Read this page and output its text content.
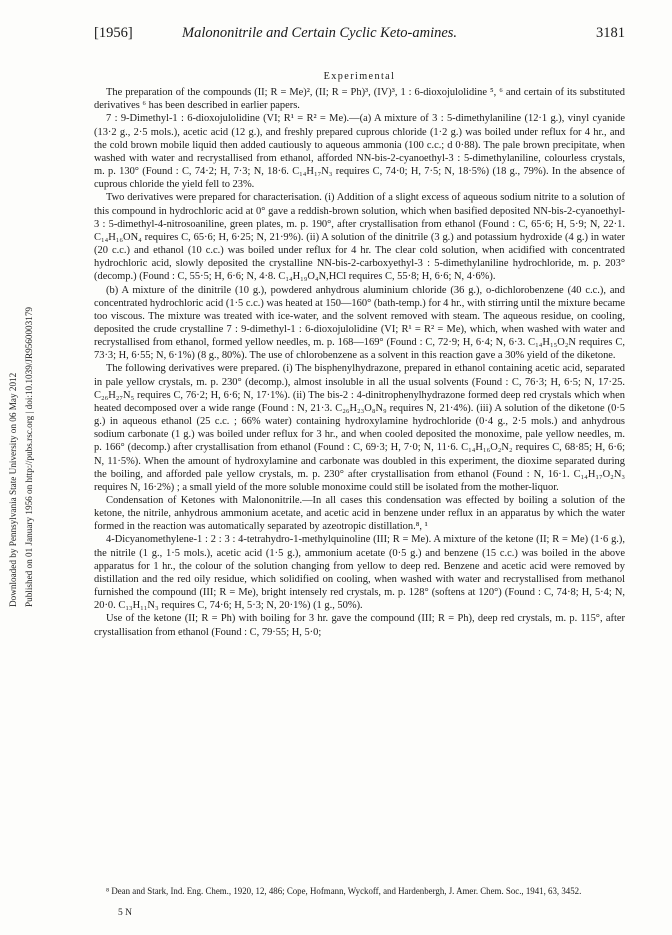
Downloaded by Pennsylvania State University on 06 May 2012 Published on 01 January 1956 on http://pubs.rsc.org | doi:10.1039/JR9560003179
[1956]	Malononitrile and Certain Cyclic Keto-amines.	3181

Experimental

The preparation of the compounds (II; R = Me)², (II; R = Ph)³, (IV)³, 1 : 6-dioxojulolidine ⁵, ⁶ and certain of its substituted derivatives ⁶ has been described in earlier papers.

7 : 9-Dimethyl-1 : 6-dioxojulolidine (VI; R¹ = R² = Me).—(a) A mixture of 3 : 5-dimethylaniline (12·1 g.), vinyl cyanide (13·2 g., 2·5 mols.), acetic acid (12 g.), and freshly prepared cuprous chloride (1·2 g.) was boiled under reflux for 4 hr., and the cold brown mobile liquid then added cautiously to aqueous ammonia (100 c.c.; d 0·88). The pale brown precipitate, when washed with water and recrystallised from ethanol, afforded NN-bis-2-cyanoethyl-3 : 5-dimethylaniline, colourless crystals, m. p. 130° (Found : C, 74·2; H, 7·3; N, 18·6. C₁₄H₁₇N₃ requires C, 74·0; H, 7·5; N, 18·5%) (18 g., 79%). In the absence of cuprous chloride the yield fell to 23%.

Two derivatives were prepared for characterisation. (i) Addition of a slight excess of aqueous sodium nitrite to a solution of this compound in hydrochloric acid at 0° gave a reddish-brown solution, which when basified deposited NN-bis-2-cyanoethyl-3 : 5-dimethyl-4-nitrosoaniline, green plates, m. p. 190°, after crystallisation from ethanol (Found : C, 65·6; H, 5·9; N, 22·1. C₁₄H₁₆ON₄ requires C, 65·6; H, 6·25; N, 21·9%). (ii) A solution of the dinitrile (3 g.) and potassium hydroxide (4 g.) in water (20 c.c.) and ethanol (10 c.c.) was boiled under reflux for 4 hr. The clear cold solution, when acidified with concentrated hydrochloric acid, slowly deposited the crystalline NN-bis-2-carboxyethyl-3 : 5-dimethylaniline hydrochloride, m. p. 203° (decomp.) (Found : C, 55·5; H, 6·6; N, 4·8. C₁₄H₁₉O₄N,HCl requires C, 55·8; H, 6·6; N, 4·6%).

(b) A mixture of the dinitrile (10 g.), powdered anhydrous aluminium chloride (36 g.), o-dichlorobenzene (40 c.c.), and concentrated hydrochloric acid (1·5 c.c.) was heated at 150—160° (bath-temp.) for 4 hr., with stirring until the mixture became too viscous. The mixture was treated with ice-water, and the solvent removed with steam. The aqueous residue, on cooling, deposited the crude crystalline 7 : 9-dimethyl-1 : 6-dioxojulolidine (VI; R¹ = R² = Me), which, when washed with water and recrystallised from ethanol, formed yellow needles, m. p. 168—169° (Found : C, 72·9; H, 6·4; N, 6·3. C₁₄H₁₅O₂N requires C, 73·3; H, 6·55; N, 6·1%) (8 g., 80%). The use of chlorobenzene as a solvent in this reaction gave a 30% yield of the diketone.

The following derivatives were prepared. (i) The bisphenylhydrazone, prepared in ethanol containing acetic acid, separated in pale yellow crystals, m. p. 230° (decomp.), almost insoluble in all the usual solvents (Found : C, 76·3; H, 6·5; N, 17·25. C₂₆H₂₇N₅ requires C, 76·2; H, 6·6; N, 17·1%). (ii) The bis-2 : 4-dinitrophenylhydrazone formed deep red crystals which when heated decomposed over a wide range (Found : N, 21·3. C₂₆H₂₃O₈N₉ requires N, 21·4%). (iii) A solution of the diketone (0·5 g.) in aqueous ethanol (25 c.c. ; 66% water) containing hydroxylamine hydrochloride (0·4 g., 2·5 mols.) and anhydrous sodium carbonate (1 g.) was boiled under reflux for 3 hr., and when cooled deposited the monoxime, pale yellow needles, m. p. 166° (decomp.) after crystallisation from ethanol (Found : C, 69·3; H, 7·0; N, 11·6. C₁₄H₁₆O₂N₂ requires C, 68·85; H, 6·6; N, 11·5%). When the amount of hydroxylamine and carbonate was doubled in this experiment, the dioxime separated during the boiling, and afforded pale yellow crystals, m. p. 230° after crystallisation from ethanol (Found : N, 16·1. C₁₄H₁₇O₂N₃ requires N, 16·2%) ; a small yield of the more soluble monoxime could still be isolated from the mother-liquor.

Condensation of Ketones with Malononitrile.—In all cases this condensation was effected by boiling a solution of the ketone, the nitrile, anhydrous ammonium acetate, and acetic acid in benzene under reflux in an apparatus by which the water formed in the reaction was automatically separated by azeotropic distillation.⁸, ¹

4-Dicyanomethylene-1 : 2 : 3 : 4-tetrahydro-1-methylquinoline (III; R = Me). A mixture of the ketone (II; R = Me) (1·6 g.), the nitrile (1 g., 1·5 mols.), acetic acid (1·5 g.), ammonium acetate (0·5 g.) and benzene (15 c.c.) was boiled in the above apparatus for 1 hr., the colour of the solution changing from yellow to deep red. Benzene and acetic acid were removed by distillation and the red oily residue, which solidified on cooling, when washed with water and recrystallised from methanol furnished the compound (III; R = Me), bright intensely red crystals, m. p. 128° (softens at 120°) (Found : C, 74·8; H, 5·4; N, 20·0. C₁₃H₁₁N₃ requires C, 74·6; H, 5·3; N, 20·1%) (1 g., 50%).

Use of the ketone (II; R = Ph) with boiling for 3 hr. gave the compound (III; R = Ph), deep red crystals, m. p. 115°, after crystallisation from ethanol (Found : C, 79·55; H, 5·0;

⁸ Dean and Stark, Ind. Eng. Chem., 1920, 12, 486; Cope, Hofmann, Wyckoff, and Hardenbergh, J. Amer. Chem. Soc., 1941, 63, 3452.

5 N
